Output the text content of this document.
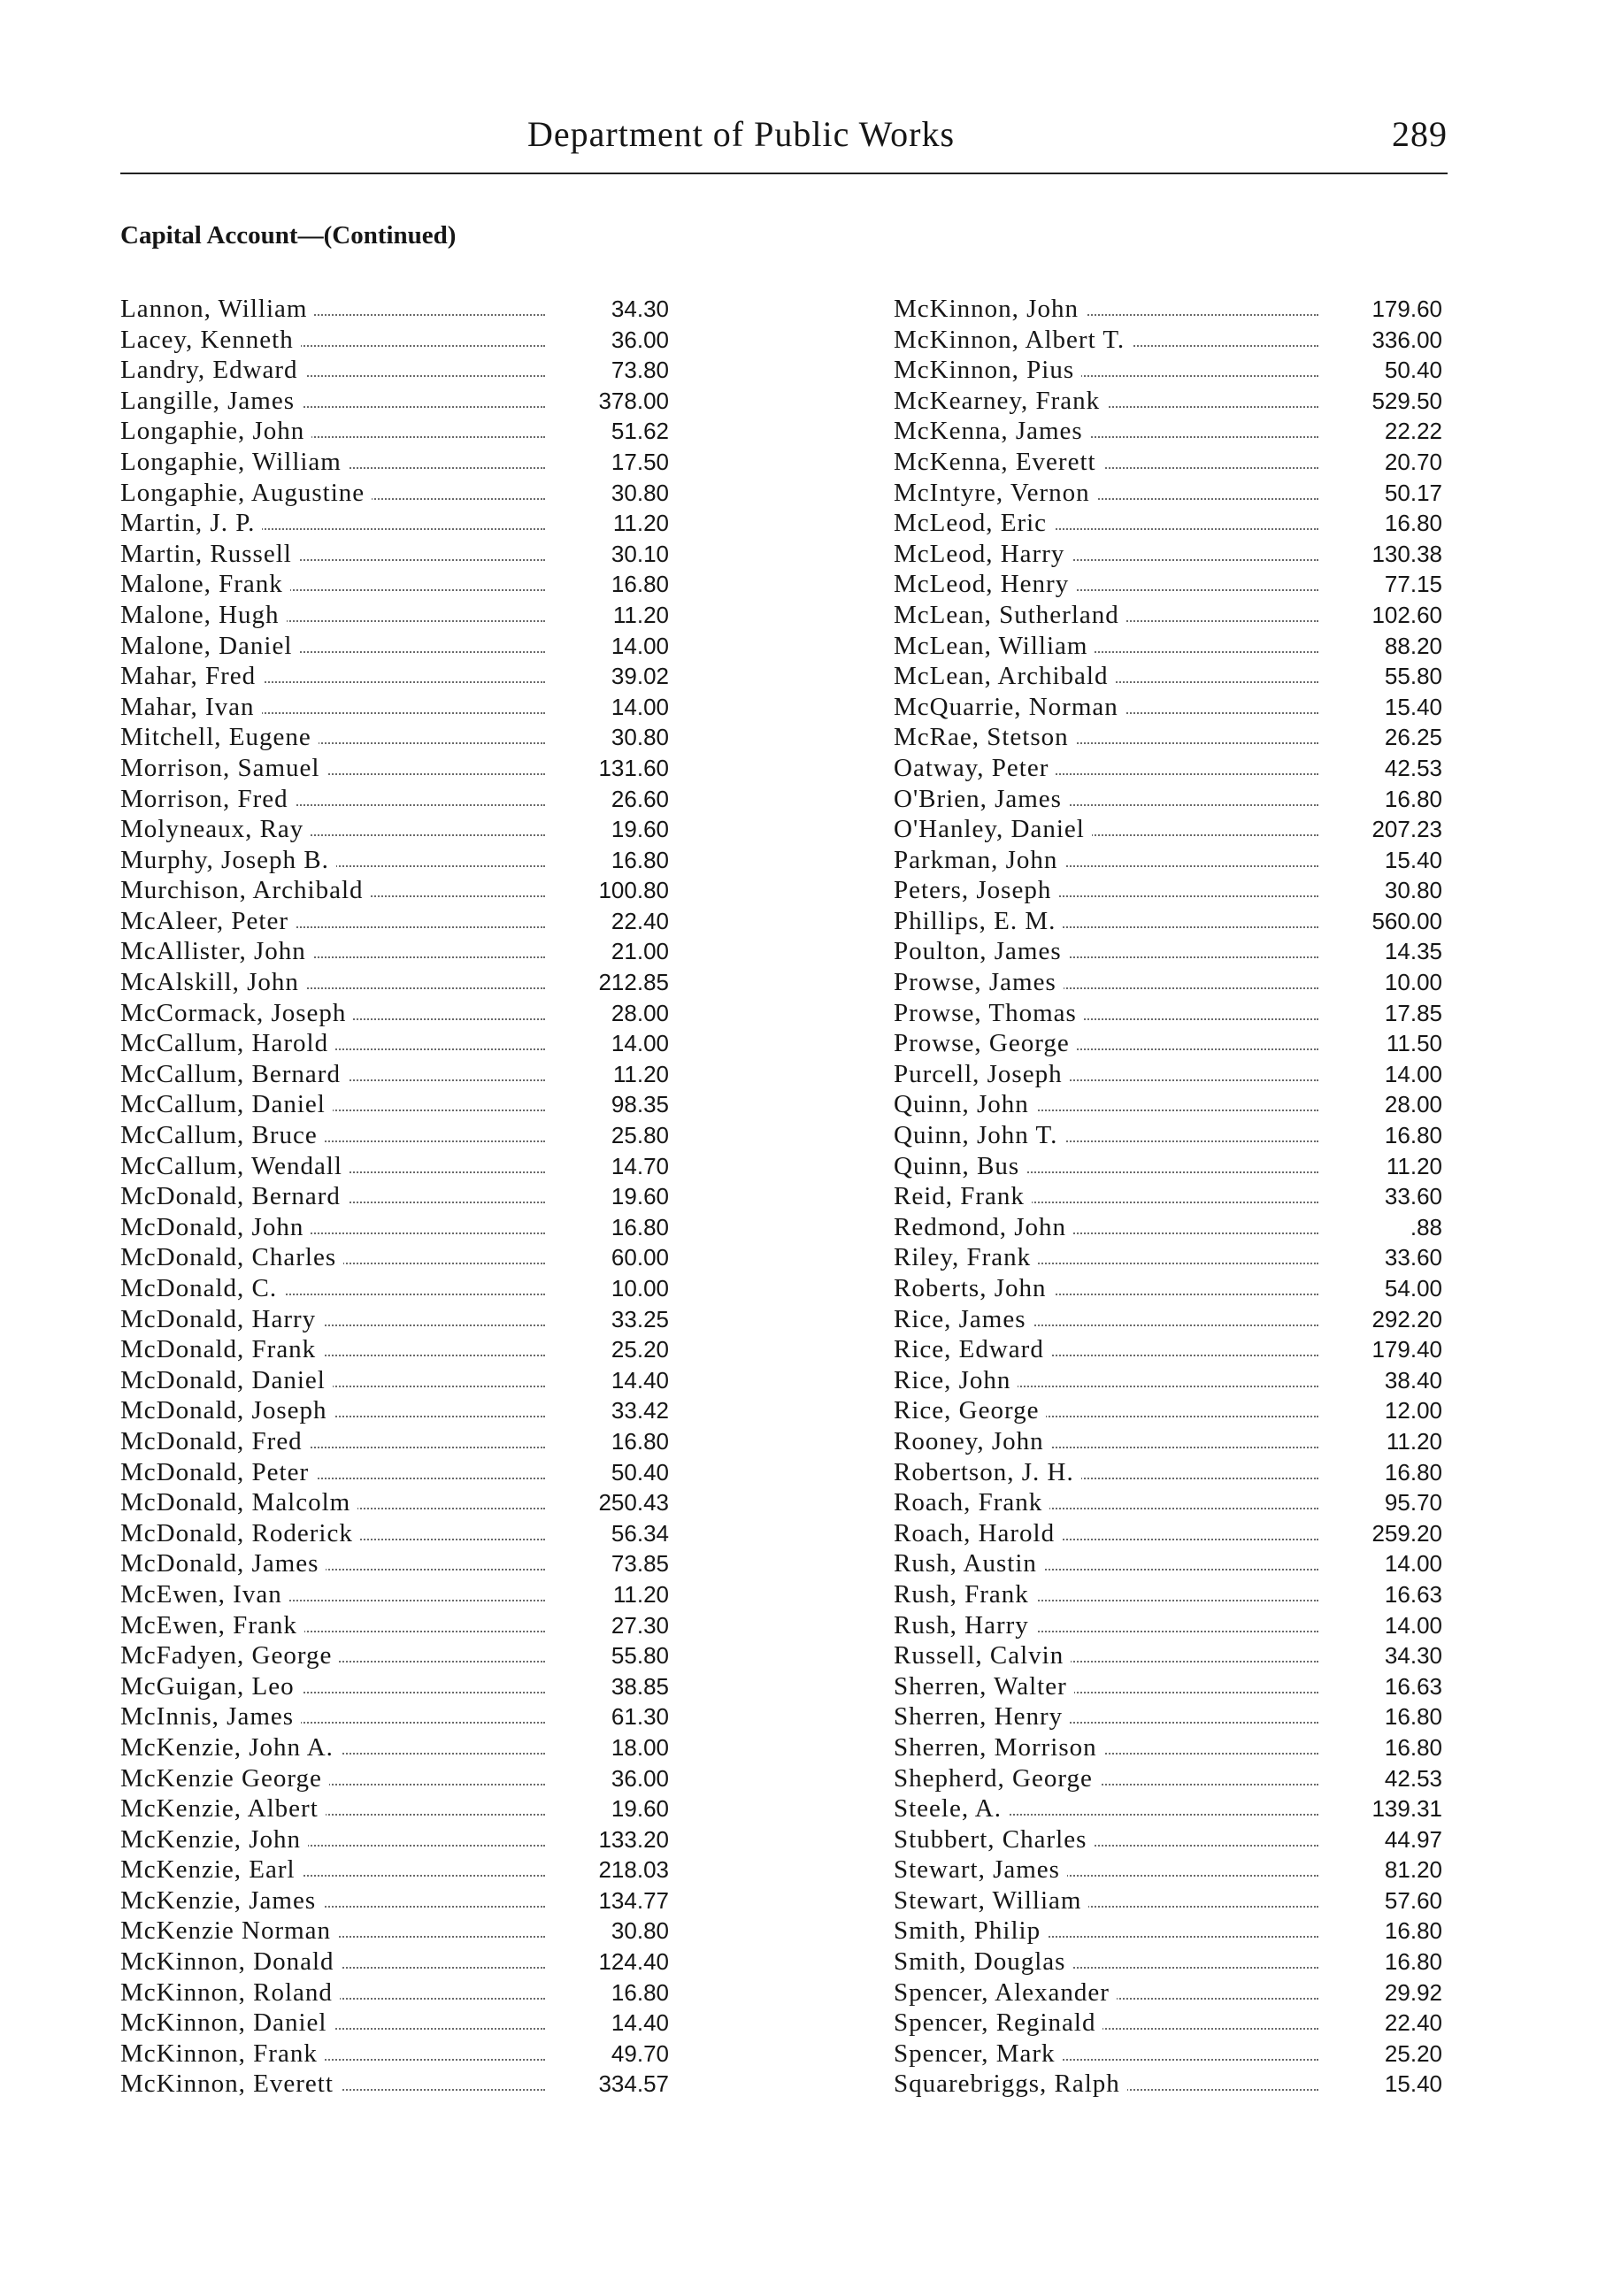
Department of Public Works	289
Capital Account—(Continued)
Lannon, William	34.30
Lacey, Kenneth	36.00
Landry, Edward	73.80
Langille, James	378.00
Longaphie, John	51.62
Longaphie, William	17.50
Longaphie, Augustine	30.80
Martin, J. P.	11.20
Martin, Russell	30.10
Malone, Frank	16.80
Malone, Hugh	11.20
Malone, Daniel	14.00
Mahar, Fred	39.02
Mahar, Ivan	14.00
Mitchell, Eugene	30.80
Morrison, Samuel	131.60
Morrison, Fred	26.60
Molyneaux, Ray	19.60
Murphy, Joseph B.	16.80
Murchison, Archibald	100.80
McAleer, Peter	22.40
McAllister, John	21.00
McAlskill, John	212.85
McCormack, Joseph	28.00
McCallum, Harold	14.00
McCallum, Bernard	11.20
McCallum, Daniel	98.35
McCallum, Bruce	25.80
McCallum, Wendall	14.70
McDonald, Bernard	19.60
McDonald, John	16.80
McDonald, Charles	60.00
McDonald, C.	10.00
McDonald, Harry	33.25
McDonald, Frank	25.20
McDonald, Daniel	14.40
McDonald, Joseph	33.42
McDonald, Fred	16.80
McDonald, Peter	50.40
McDonald, Malcolm	250.43
McDonald, Roderick	56.34
McDonald, James	73.85
McEwen, Ivan	11.20
McEwen, Frank	27.30
McFadyen, George	55.80
McGuigan, Leo	38.85
McInnis, James	61.30
McKenzie, John A.	18.00
McKenzie George	36.00
McKenzie, Albert	19.60
McKenzie, John	133.20
McKenzie, Earl	218.03
McKenzie, James	134.77
McKenzie Norman	30.80
McKinnon, Donald	124.40
McKinnon, Roland	16.80
McKinnon, Daniel	14.40
McKinnon, Frank	49.70
McKinnon, Everett	334.57
McKinnon, John	179.60
McKinnon, Albert T.	336.00
McKinnon, Pius	50.40
McKearney, Frank	529.50
McKenna, James	22.22
McKenna, Everett	20.70
McIntyre, Vernon	50.17
McLeod, Eric	16.80
McLeod, Harry	130.38
McLeod, Henry	77.15
McLean, Sutherland	102.60
McLean, William	88.20
McLean, Archibald	55.80
McQuarrie, Norman	15.40
McRae, Stetson	26.25
Oatway, Peter	42.53
O'Brien, James	16.80
O'Hanley, Daniel	207.23
Parkman, John	15.40
Peters, Joseph	30.80
Phillips, E. M.	560.00
Poulton, James	14.35
Prowse, James	10.00
Prowse, Thomas	17.85
Prowse, George	11.50
Purcell, Joseph	14.00
Quinn, John	28.00
Quinn, John T.	16.80
Quinn, Bus	11.20
Reid, Frank	33.60
Redmond, John	.88
Riley, Frank	33.60
Roberts, John	54.00
Rice, James	292.20
Rice, Edward	179.40
Rice, John	38.40
Rice, George	12.00
Rooney, John	11.20
Robertson, J. H.	16.80
Roach, Frank	95.70
Roach, Harold	259.20
Rush, Austin	14.00
Rush, Frank	16.63
Rush, Harry	14.00
Russell, Calvin	34.30
Sherren, Walter	16.63
Sherren, Henry	16.80
Sherren, Morrison	16.80
Shepherd, George	42.53
Steele, A.	139.31
Stubbert, Charles	44.97
Stewart, James	81.20
Stewart, William	57.60
Smith, Philip	16.80
Smith, Douglas	16.80
Spencer, Alexander	29.92
Spencer, Reginald	22.40
Spencer, Mark	25.20
Squarebriggs, Ralph	15.40
